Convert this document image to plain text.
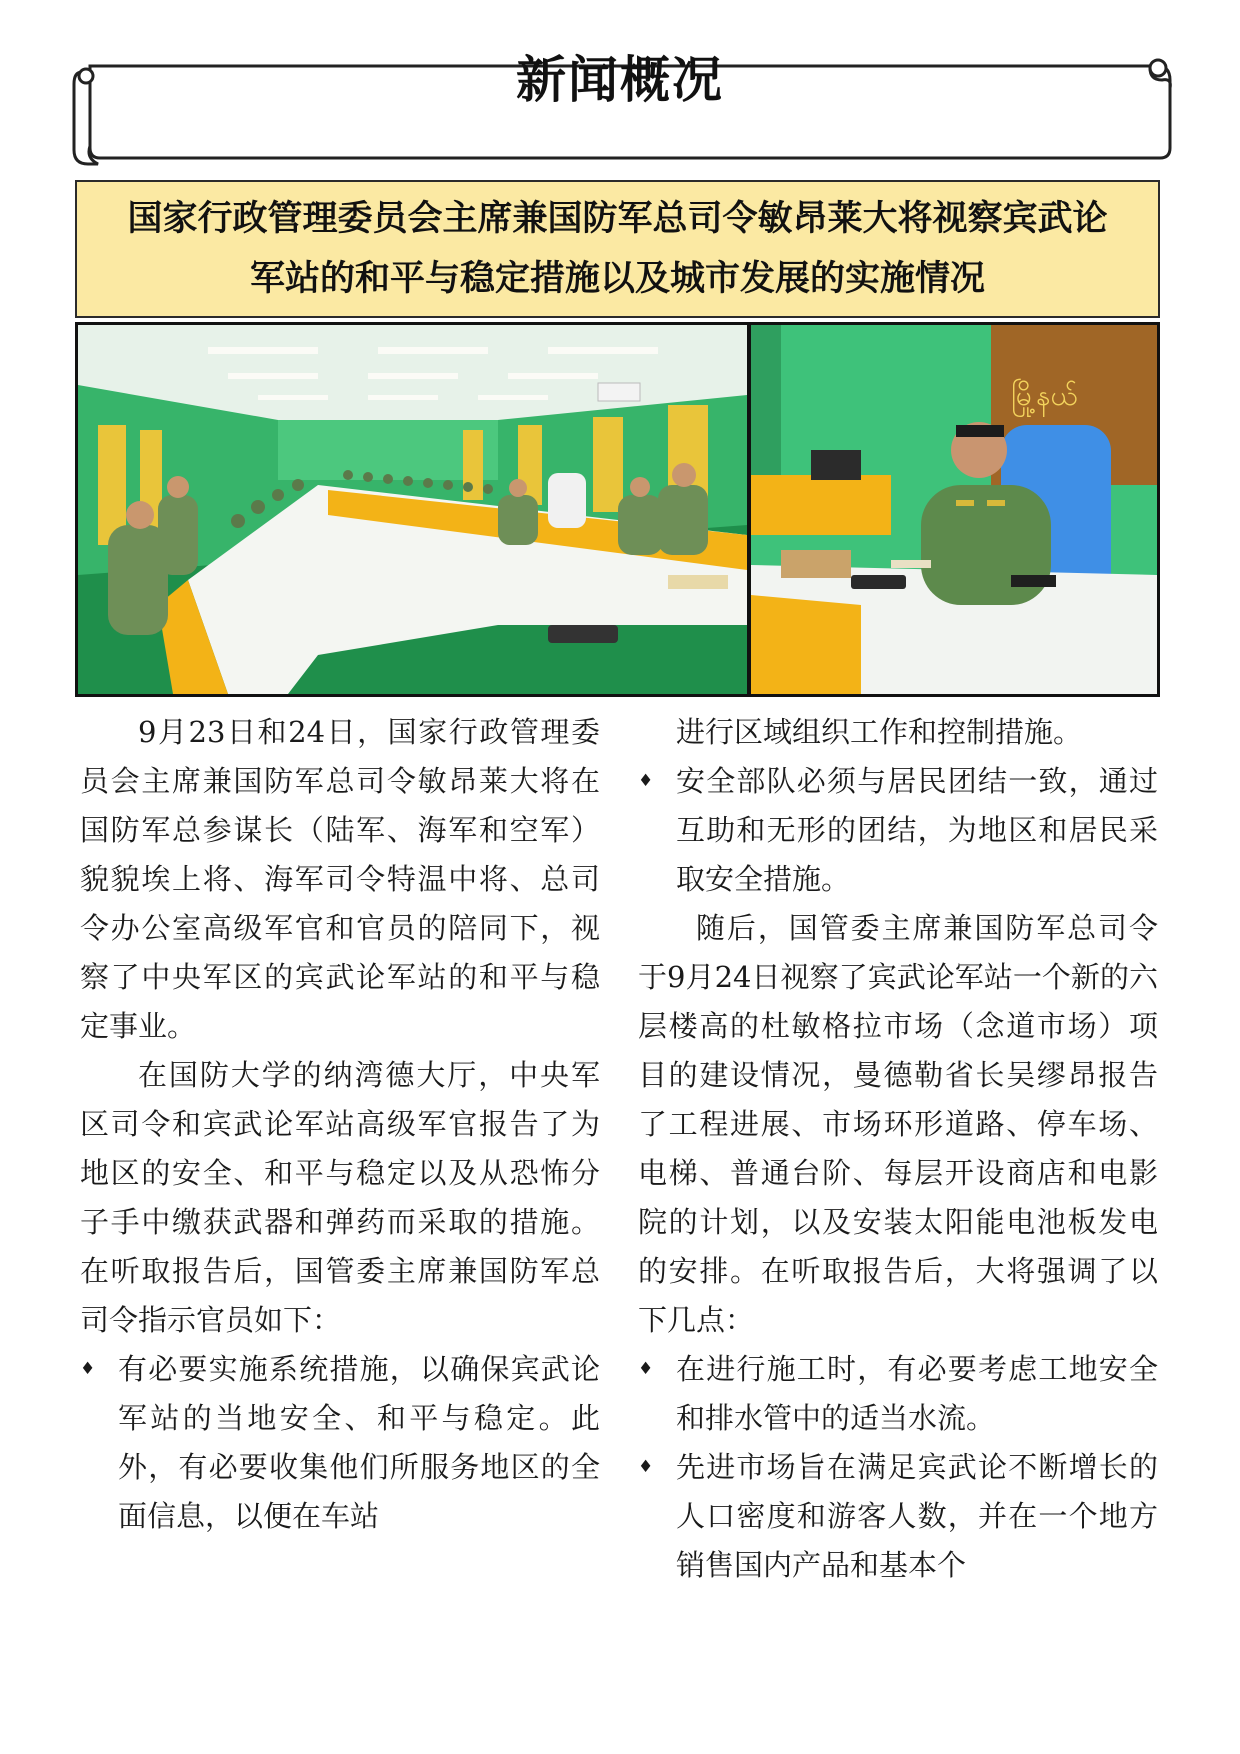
新闻概况
国家行政管理委员会主席兼国防军总司令敏昂莱大将视察宾武论
军站的和平与稳定措施以及城市发展的实施情况
မြို့နယ်

9月23日和24日，国家行政管理委员会主席兼国防军总司令敏昂莱大将在国防军总参谋长（陆军、海军和空军）貌貌埃上将、海军司令特温中将、总司令办公室高级军官和官员的陪同下，视察了中央军区的宾武论军站的和平与稳定事业。

在国防大学的纳湾德大厅，中央军区司令和宾武论军站高级军官报告了为地区的安全、和平与稳定以及从恐怖分子手中缴获武器和弹药而采取的措施。在听取报告后，国管委主席兼国防军总司令指示官员如下：

♦ 有必要实施系统措施，以确保宾武论军站的当地安全、和平与稳定。此外，有必要收集他们所服务地区的全面信息，以便在车站
进行区域组织工作和控制措施。
♦ 安全部队必须与居民团结一致，通过互助和无形的团结，为地区和居民采取安全措施。

随后，国管委主席兼国防军总司令于9月24日视察了宾武论军站一个新的六层楼高的杜敏格拉市场（念道市场）项目的建设情况，曼德勒省长吴缪昂报告了工程进展、市场环形道路、停车场、电梯、普通台阶、每层开设商店和电影院的计划，以及安装太阳能电池板发电的安排。在听取报告后，大将强调了以下几点：

♦ 在进行施工时，有必要考虑工地安全和排水管中的适当水流。
♦ 先进市场旨在满足宾武论不断增长的人口密度和游客人数，并在一个地方销售国内产品和基本个
